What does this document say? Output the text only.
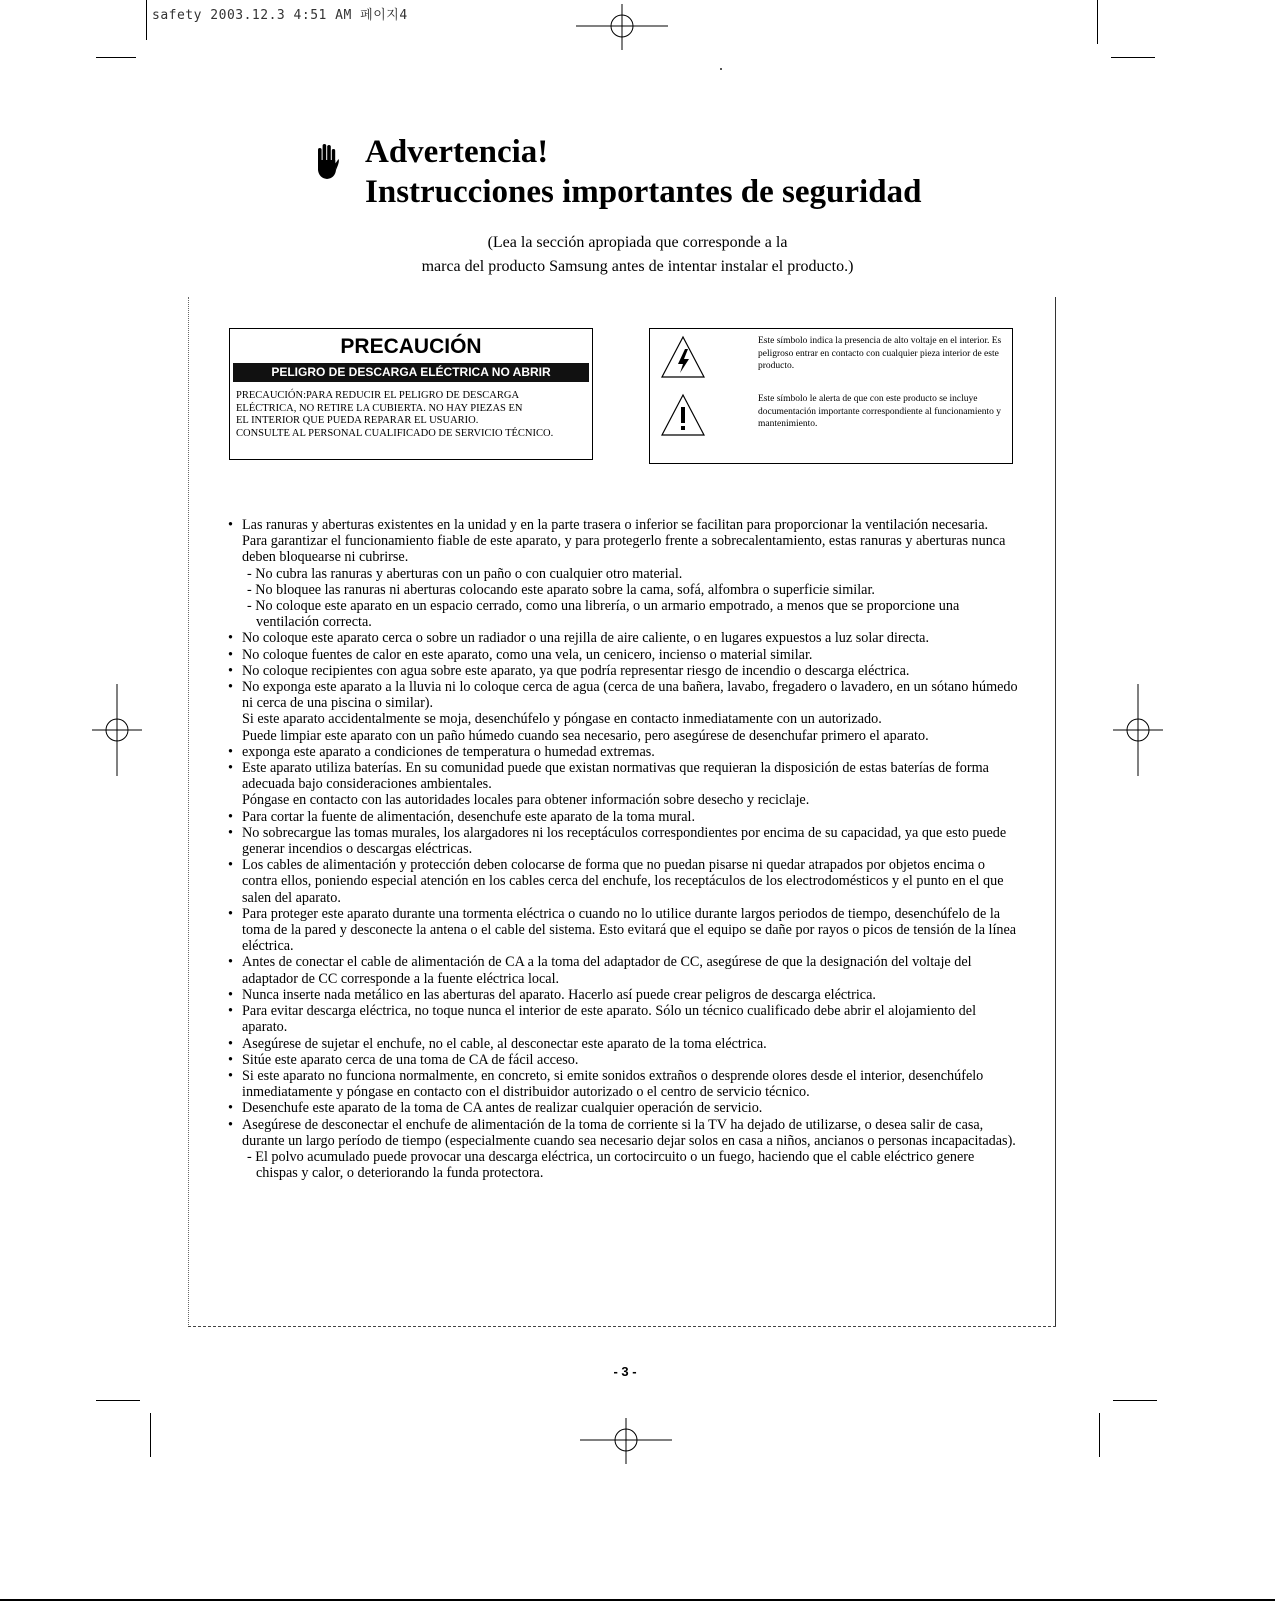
safety 2003.12.3 4:51 AM 페이지4
Advertencia!
Instrucciones importantes de seguridad
(Lea la sección apropiada que corresponde a la
marca del producto Samsung antes de intentar instalar el producto.)
PRECAUCIÓN
PELIGRO DE DESCARGA ELÉCTRICA NO ABRIR
PRECAUCIÓN:PARA REDUCIR EL PELIGRO DE DESCARGA
ELÉCTRICA, NO RETIRE LA CUBIERTA. NO HAY PIEZAS EN
EL INTERIOR QUE PUEDA REPARAR EL USUARIO.
CONSULTE AL PERSONAL CUALIFICADO DE SERVICIO TÉCNICO.
Este símbolo indica la presencia de alto voltaje en el interior. Es peligroso entrar en contacto con cualquier pieza interior de este producto.
Este símbolo le alerta de que con este producto se incluye documentación importante correspondiente al funcionamiento y mantenimiento.
• Las ranuras y aberturas existentes en la unidad y en la parte trasera o inferior se facilitan para proporcionar la ventilación necesaria.

Para garantizar el funcionamiento fiable de este aparato, y para protegerlo frente a sobrecalentamiento, estas ranuras y aberturas nunca deben bloquearse ni cubrirse.

- No cubra las ranuras y aberturas con un paño o con cualquier otro material.

- No bloquee las ranuras ni aberturas colocando este aparato sobre la cama, sofá, alfombra o superficie similar.

- No coloque este aparato en un espacio cerrado, como una librería, o un armario empotrado, a menos que se proporcione una ventilación correcta.

• No coloque este aparato cerca o sobre un radiador o una rejilla de aire caliente, o en lugares expuestos a luz solar directa.

• No coloque fuentes de calor en este aparato, como una vela, un cenicero, incienso o material similar.

• No coloque recipientes con agua sobre este aparato, ya que podría representar riesgo de incendio o descarga eléctrica.

• No exponga este aparato a la lluvia ni lo coloque cerca de agua (cerca de una bañera, lavabo, fregadero o lavadero, en un sótano húmedo ni cerca de una piscina o similar).

Si este aparato accidentalmente se moja, desenchúfelo y póngase en contacto inmediatamente con un autorizado.

Puede limpiar este aparato con un paño húmedo cuando sea necesario, pero asegúrese de desenchufar primero el aparato.

• exponga este aparato a condiciones de temperatura o humedad extremas.

• Este aparato utiliza baterías. En su comunidad puede que existan normativas que requieran la disposición de estas baterías de forma adecuada bajo consideraciones ambientales.

Póngase en contacto con las autoridades locales para obtener información sobre desecho y reciclaje.

• Para cortar la fuente de alimentación, desenchufe este aparato de la toma mural.

• No sobrecargue las tomas murales, los alargadores ni los receptáculos correspondientes por encima de su capacidad, ya que esto puede generar incendios o descargas eléctricas.

• Los cables de alimentación y protección deben colocarse de forma que no puedan pisarse ni quedar atrapados por objetos encima o contra ellos, poniendo especial atención en los cables cerca del enchufe, los receptáculos de los electrodomésticos y el punto en el que salen del aparato.

• Para proteger este aparato durante una tormenta eléctrica o cuando no lo utilice durante largos periodos de tiempo, desenchúfelo de la toma de la pared y desconecte la antena o el cable del sistema. Esto evitará que el equipo se dañe por rayos o picos de tensión de la línea eléctrica.

• Antes de conectar el cable de alimentación de CA a la toma del adaptador de CC, asegúrese de que la designación del voltaje del adaptador de CC corresponde a la fuente eléctrica local.

• Nunca inserte nada metálico en las aberturas del aparato. Hacerlo así puede crear peligros de descarga eléctrica.

• Para evitar descarga eléctrica, no toque nunca el interior de este aparato. Sólo un técnico cualificado debe abrir el alojamiento del aparato.

• Asegúrese de sujetar el enchufe, no el cable, al desconectar este aparato de la toma eléctrica.

• Sitúe este aparato cerca de una toma de CA de fácil acceso.

• Si este aparato no funciona normalmente, en concreto, si emite sonidos extraños o desprende olores desde el interior, desenchúfelo inmediatamente y póngase en contacto con el distribuidor autorizado o el centro de servicio técnico.

• Desenchufe este aparato de la toma de CA antes de realizar cualquier operación de servicio.

• Asegúrese de desconectar el enchufe de alimentación de la toma de corriente si la TV ha dejado de utilizarse, o desea salir de casa, durante un largo período de tiempo (especialmente cuando sea necesario dejar solos en casa a niños, ancianos o personas incapacitadas).

- El polvo acumulado puede provocar una descarga eléctrica, un cortocircuito o un fuego, haciendo que el cable eléctrico genere chispas y calor, o deteriorando la funda protectora.

- 3 -
